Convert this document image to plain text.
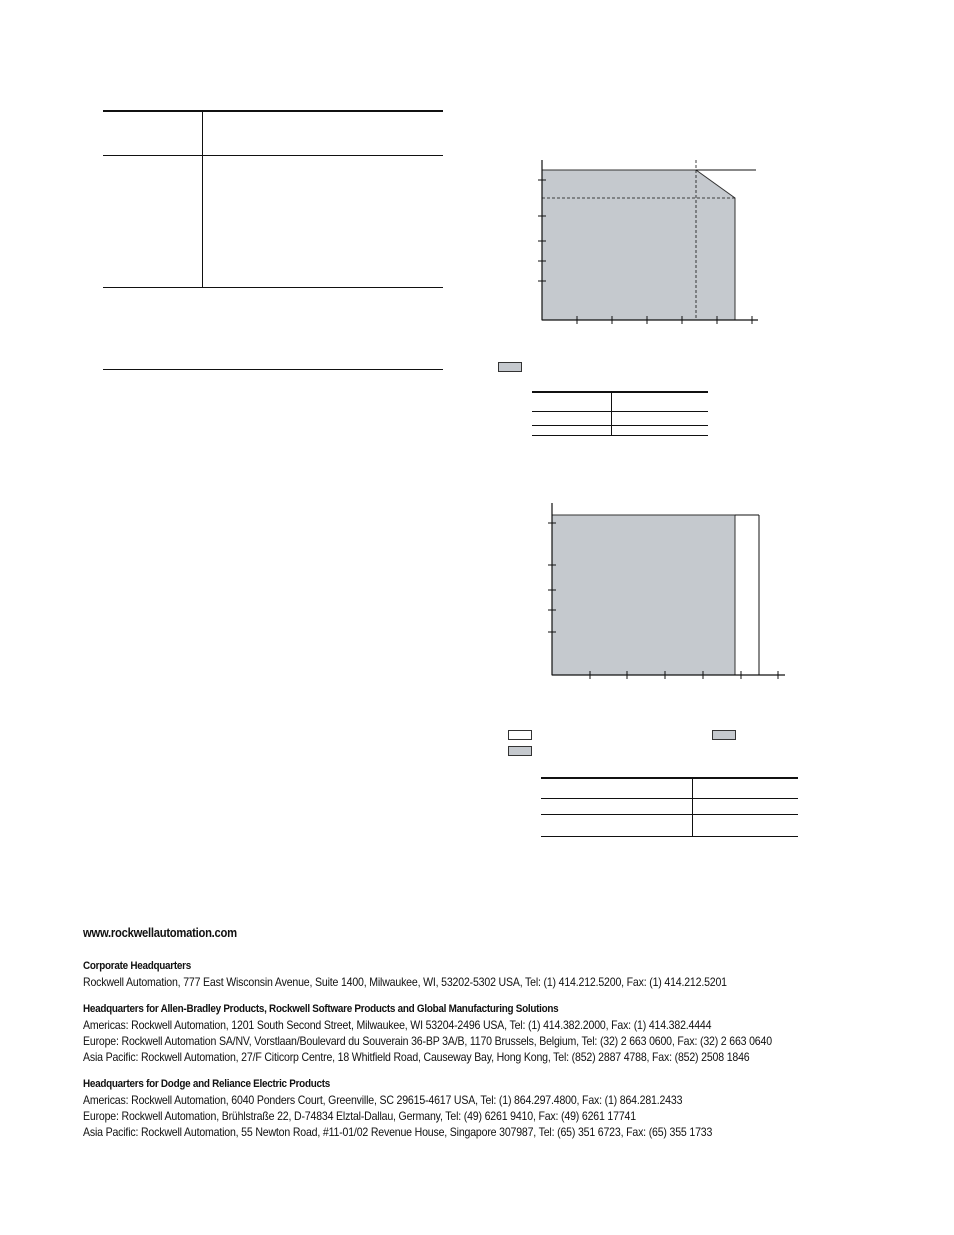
www.rockwellautomation.com
Corporate Headquarters
Rockwell Automation, 777 East Wisconsin Avenue, Suite 1400, Milwaukee, WI, 53202-5302 USA, Tel: (1) 414.212.5200, Fax: (1) 414.212.5201
Headquarters for Allen-Bradley Products, Rockwell Software Products and Global Manufacturing Solutions
Americas: Rockwell Automation, 1201 South Second Street, Milwaukee, WI 53204-2496 USA, Tel: (1) 414.382.2000, Fax: (1) 414.382.4444
Europe: Rockwell Automation SA/NV, Vorstlaan/Boulevard du Souverain 36-BP 3A/B, 1170 Brussels, Belgium, Tel: (32) 2 663 0600, Fax: (32) 2 663 0640
Asia Pacific: Rockwell Automation, 27/F Citicorp Centre, 18 Whitfield Road, Causeway Bay, Hong Kong, Tel: (852) 2887 4788, Fax: (852) 2508 1846
Headquarters for Dodge and Reliance Electric Products
Americas: Rockwell Automation, 6040 Ponders Court, Greenville, SC 29615-4617 USA, Tel: (1) 864.297.4800, Fax: (1) 864.281.2433
Europe: Rockwell Automation, Brühlstraße 22, D-74834 Elztal-Dallau, Germany, Tel: (49) 6261 9410, Fax: (49) 6261 17741
Asia Pacific: Rockwell Automation, 55 Newton Road, #11-01/02 Revenue House, Singapore 307987, Tel: (65) 351 6723, Fax: (65) 355 1733
